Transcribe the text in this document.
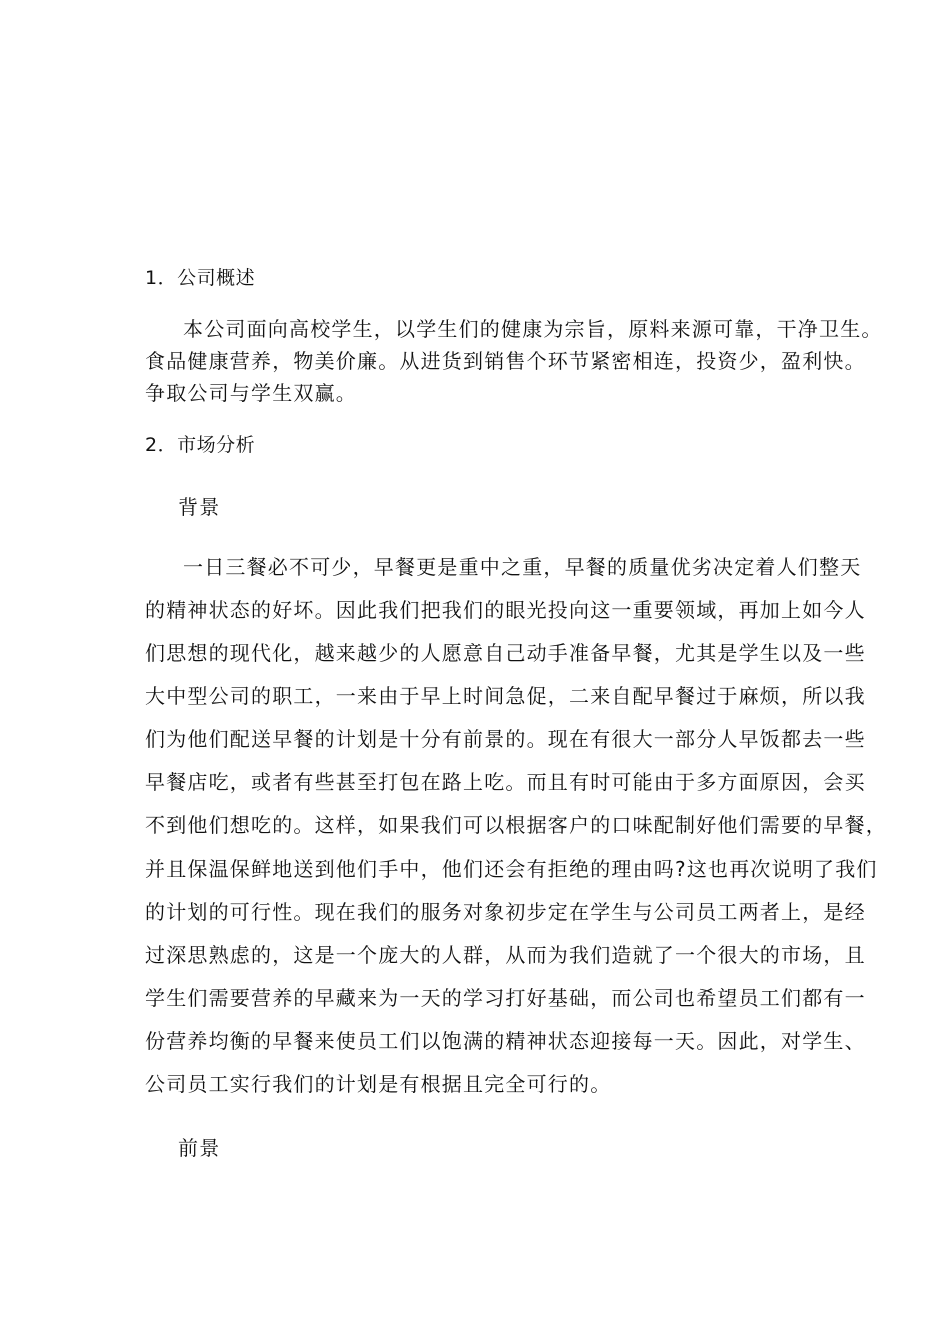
1．公司概述
本公司面向高校学生，以学生们的健康为宗旨，原料来源可靠，干净卫生。
食品健康营养，物美价廉。从进货到销售个环节紧密相连，投资少，盈利快。
争取公司与学生双赢。
2．市场分析
背景
一日三餐必不可少，早餐更是重中之重，早餐的质量优劣决定着人们整天
的精神状态的好坏。因此我们把我们的眼光投向这一重要领域，再加上如今人
们思想的现代化，越来越少的人愿意自己动手准备早餐，尤其是学生以及一些
大中型公司的职工，一来由于早上时间急促，二来自配早餐过于麻烦，所以我
们为他们配送早餐的计划是十分有前景的。现在有很大一部分人早饭都去一些
早餐店吃，或者有些甚至打包在路上吃。而且有时可能由于多方面原因，会买
不到他们想吃的。这样，如果我们可以根据客户的口味配制好他们需要的早餐，
并且保温保鲜地送到他们手中，他们还会有拒绝的理由吗?这也再次说明了我们
的计划的可行性。现在我们的服务对象初步定在学生与公司员工两者上，是经
过深思熟虑的，这是一个庞大的人群，从而为我们造就了一个很大的市场，且
学生们需要营养的早藏来为一天的学习打好基础，而公司也希望员工们都有一
份营养均衡的早餐来使员工们以饱满的精神状态迎接每一天。因此，对学生、
公司员工实行我们的计划是有根据且完全可行的。
前景
